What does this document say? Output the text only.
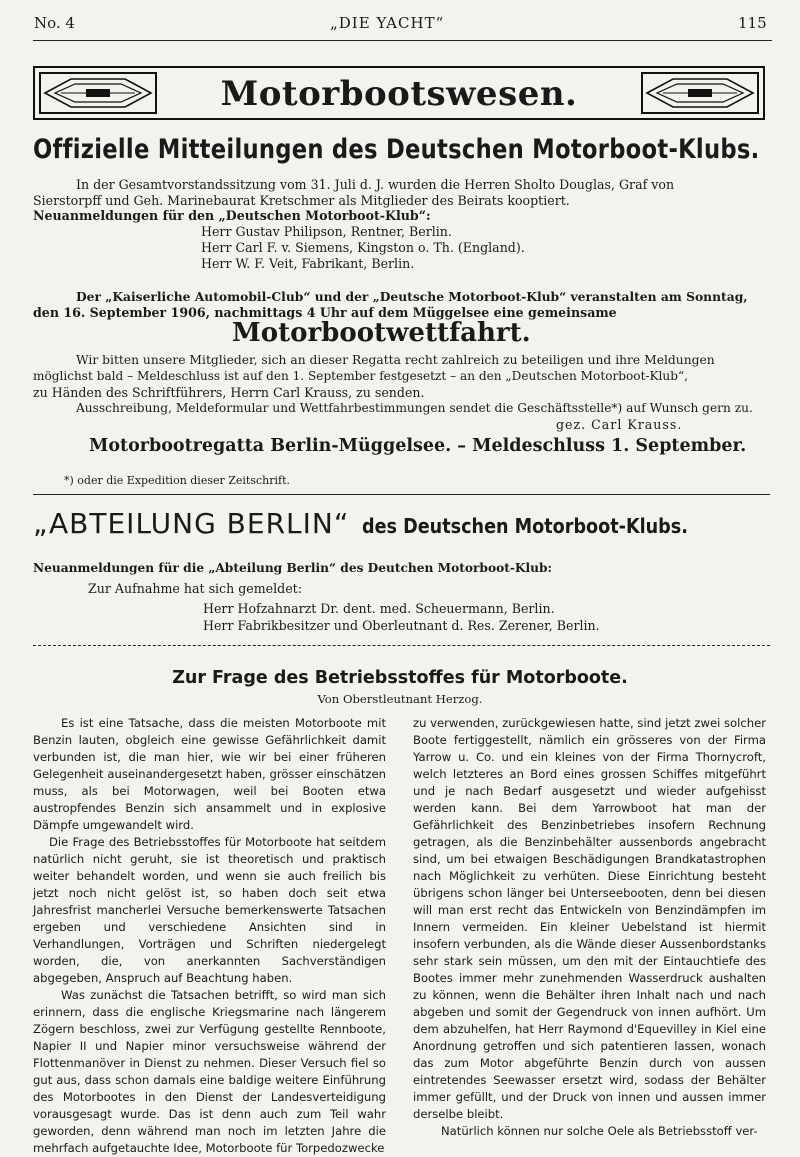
No. 4	„DIE YACHT“	115
Motorbootswesen.
Offizielle Mitteilungen des Deutschen Motorboot-Klubs.
In der Gesamtvorstandssitzung vom 31. Juli d. J. wurden die Herren Sholto Douglas, Graf von
Sierstorpff und Geh. Marinebaurat Kretschmer als Mitglieder des Beirats kooptiert.
Neuanmeldungen für den „Deutschen Motorboot-Klub“:
Herr Gustav Philipson, Rentner, Berlin.
Herr Carl F. v. Siemens, Kingston o. Th. (England).
Herr W. F. Veit, Fabrikant, Berlin.
Der „Kaiserliche Automobil-Club“ und der „Deutsche Motorboot-Klub“ veranstalten am Sonntag,
den 16. September 1906, nachmittags 4 Uhr auf dem Müggelsee eine gemeinsame
Motorbootwettfahrt.
Wir bitten unsere Mitglieder, sich an dieser Regatta recht zahlreich zu beteiligen und ihre Meldungen
möglichst bald – Meldeschluss ist auf den 1. September festgesetzt – an den „Deutschen Motorboot-Klub“,
zu Händen des Schriftführers, Herrn Carl Krauss, zu senden.
Ausschreibung, Meldeformular und Wettfahrbestimmungen sendet die Geschäftsstelle*) auf Wunsch gern zu.
gez. Carl Krauss.
Motorbootregatta Berlin-Müggelsee. – Meldeschluss 1. September.
*) oder die Expedition dieser Zeitschrift.
„ABTEILUNG BERLIN“ des Deutschen Motorboot-Klubs.
Neuanmeldungen für die „Abteilung Berlin“ des Deutchen Motorboot-Klub:
Zur Aufnahme hat sich gemeldet:
Herr Hofzahnarzt Dr. dent. med. Scheuermann, Berlin.
Herr Fabrikbesitzer und Oberleutnant d. Res. Zerener, Berlin.
Zur Frage des Betriebsstoffes für Motorboote.
Von Oberstleutnant Herzog.

Es ist eine Tatsache, dass die meisten Motorboote mit Benzin lauten, obgleich eine gewisse Gefährlichkeit damit verbunden ist, die man hier, wie wir bei einer früheren Gelegenheit auseinandergesetzt haben, grösser einschätzen muss, als bei Motorwagen, weil bei Booten etwa austropfendes Benzin sich ansammelt und in explosive Dämpfe umgewandelt wird.

Die Frage des Betriebsstoffes für Motorboote hat seitdem natürlich nicht geruht, sie ist theoretisch und praktisch weiter behandelt worden, und wenn sie auch freilich bis jetzt noch nicht gelöst ist, so haben doch seit etwa Jahresfrist mancherlei Versuche bemerkenswerte Tatsachen ergeben und verschiedene Ansichten sind in Verhandlungen, Vorträgen und Schriften niedergelegt worden, die, von anerkannten Sachverständigen abgegeben, Anspruch auf Beachtung haben.

Was zunächst die Tatsachen betrifft, so wird man sich erinnern, dass die englische Kriegsmarine nach längerem Zögern beschloss, zwei zur Verfügung gestellte Rennboote, Napier II und Napier minor versuchsweise während der Flottenmanöver in Dienst zu nehmen. Dieser Versuch fiel so gut aus, dass schon damals eine baldige weitere Einführung des Motorbootes in den Dienst der Landesverteidigung vorausgesagt wurde. Das ist denn auch zum Teil wahr geworden, denn während man noch im letzten Jahre die mehrfach aufgetauchte Idee, Motorboote für Torpedozwecke

zu verwenden, zurückgewiesen hatte, sind jetzt zwei solcher Boote fertiggestellt, nämlich ein grösseres von der Firma Yarrow u. Co. und ein kleines von der Firma Thornycroft, welch letzteres an Bord eines grossen Schiffes mitgeführt und je nach Bedarf ausgesetzt und wieder aufgehisst werden kann. Bei dem Yarrowboot hat man der Gefährlichkeit des Benzinbetriebes insofern Rechnung getragen, als die Benzinbehälter aussenbords angebracht sind, um bei etwaigen Beschädigungen Brandkatastrophen nach Möglichkeit zu verhüten. Diese Einrichtung besteht übrigens schon länger bei Unterseebooten, denn bei diesen will man erst recht das Entwickeln von Benzindämpfen im Innern vermeiden. Ein kleiner Uebelstand ist hiermit insofern verbunden, als die Wände dieser Aussenbordstanks sehr stark sein müssen, um den mit der Eintauchtiefe des Bootes immer mehr zunehmenden Wasserdruck aushalten zu können, wenn die Behälter ihren Inhalt nach und nach abgeben und somit der Gegendruck von innen aufhört. Um dem abzuhelfen, hat Herr Raymond d'Equevilley in Kiel eine Anordnung getroffen und sich patentieren lassen, wonach das zum Motor abgeführte Benzin durch von aussen eintretendes Seewasser ersetzt wird, sodass der Behälter immer gefüllt, und der Druck von innen und aussen immer derselbe bleibt.

Natürlich können nur solche Oele als Betriebsstoff ver-
